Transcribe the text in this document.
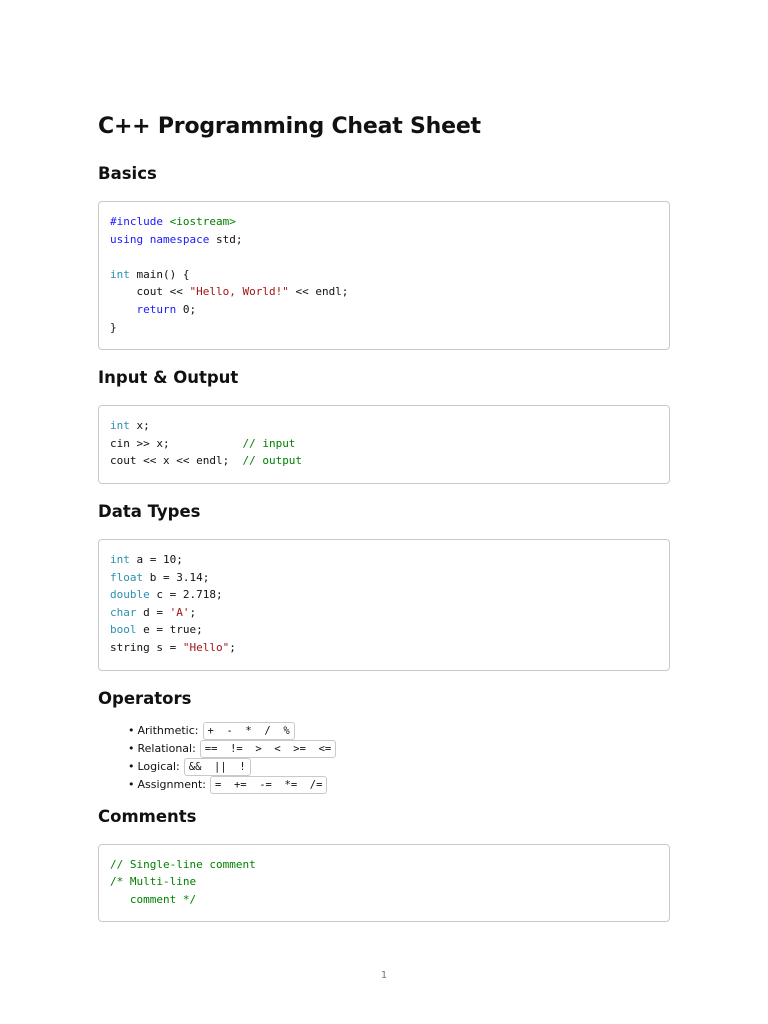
C++ Programming Cheat Sheet
Basics
#include <iostream>
using namespace std;
int main() {
cout << "Hello, World!" << endl;
return 0;
}
Input & Output
int x;
cin >> x;           // input
cout << x << endl;  // output
Data Types
int a = 10;
float b = 3.14;
double c = 2.718;
char d = 'A';
bool e = true;
string s = "Hello";
Operators
• Arithmetic: +  -  *  /  %
• Relational: ==  !=  >  <  >=  <=
• Logical: &&  ||  !
• Assignment: =  +=  -=  *=  /=
Comments
// Single-line comment
/* Multi-line
comment */
1
